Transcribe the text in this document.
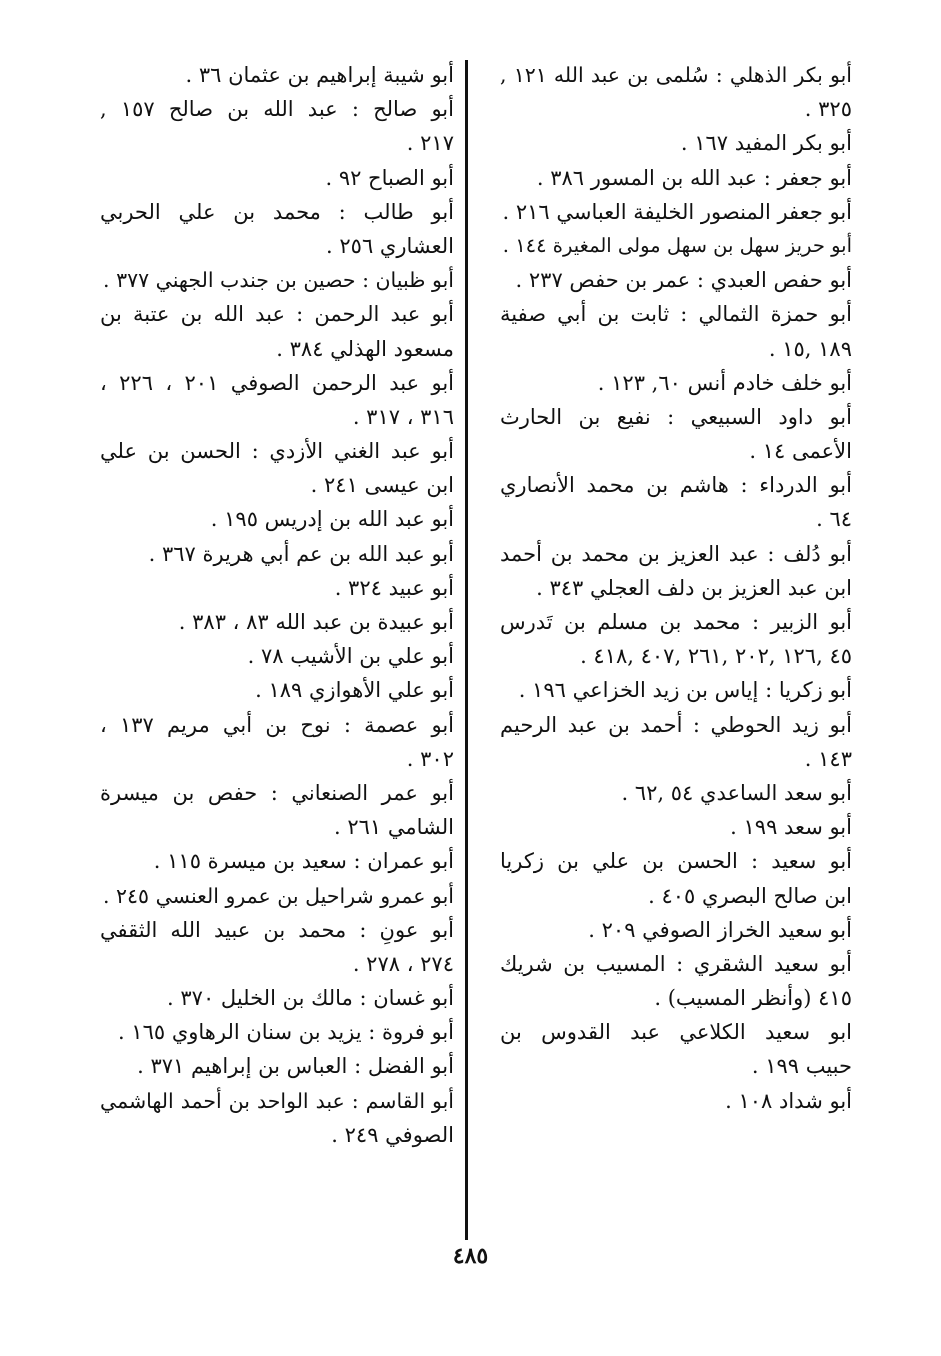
أبو بكر الذهلي : سُلمى بن عبد الله ١٢١ ,
٣٢٥ .
أبو بكر المفيد ١٦٧ .
أبو جعفر : عبد الله بن المسور ٣٨٦ .
أبو جعفر المنصور الخليفة العباسي ٢١٦ .
أبو حريز سهل بن سهل مولى المغيرة ١٤٤ .
أبو حفص العبدي : عمر بن حفص ٢٣٧ .
أبو حمزة الثمالي : ثابت بن أبي صفية
١٨٩ ,١٥ .
أبو خلف خادم أنس ٦٠, ١٢٣ .
أبو داود السبيعي : نفيع بن الحارث
الأعمى ١٤ .
أبو الدرداء : هاشم بن محمد الأنصاري
٦٤ .
أبو دُلف : عبد العزيز بن محمد بن أحمد
ابن عبد العزيز بن دلف العجلي ٣٤٣ .
أبو الزبير : محمد بن مسلم بن تَدرس
٤٥ ,١٢٦ ,٢٠٢ ,٢٦١ ,٤٠٧ ,٤١٨ .
أبو زكريا : إياس بن زيد الخزاعي ١٩٦ .
أبو زيد الحوطي : أحمد بن عبد الرحيم
١٤٣ .
أبو سعد الساعدي ٥٤ ,٦٢ .
أبو سعد ١٩٩ .
أبو سعيد : الحسن بن علي بن زكريا
ابن صالح البصري ٤٠٥ .
أبو سعيد الخراز الصوفي ٢٠٩ .
أبو سعيد الشقري : المسيب بن شريك
٤١٥ (وأنظر المسيب) .
ابو سعيد الكلاعي عبد القدوس بن
حبيب ١٩٩ .
أبو شداد ١٠٨ .
أبو شيبة إبراهيم بن عثمان ٣٦ .
أبو صالح : عبد الله بن صالح ١٥٧ ,
٢١٧ .
أبو الصباح ٩٢ .
أبو طالب : محمد بن علي الحربي
العشاري ٢٥٦ .
أبو ظبيان : حصين بن جندب الجهني ٣٧٧ .
أبو عبد الرحمن : عبد الله بن عتبة بن
مسعود الهذلي ٣٨٤ .
أبو عبد الرحمن الصوفي ٢٠١ ، ٢٢٦ ،
٣١٦ ، ٣١٧ .
أبو عبد الغني الأزدي : الحسن بن علي
ابن عيسى ٢٤١ .
أبو عبد الله بن إدريس ١٩٥ .
أبو عبد الله بن عم أبي هريرة ٣٦٧ .
أبو عبيد ٣٢٤ .
أبو عبيدة بن عبد الله ٨٣ ، ٣٨٣ .
أبو علي بن الأشيب ٧٨ .
أبو علي الأهوازي ١٨٩ .
أبو عصمة : نوح بن أبي مريم ١٣٧ ،
٣٠٢ .
أبو عمر الصنعاني : حفص بن ميسرة
الشامي ٢٦١ .
أبو عمران : سعيد بن ميسرة ١١٥ .
أبو عمرو شراحيل بن عمرو العنسي ٢٤٥ .
أبو عونِ : محمد بن عبيد الله الثقفي
٢٧٤ ، ٢٧٨ .
أبو غسان : مالك بن الخليل ٣٧٠ .
أبو فروة : يزيد بن سنان الرهاوي ١٦٥ .
أبو الفضل : العباس بن إبراهيم ٣٧١ .
أبو القاسم : عبد الواحد بن أحمد الهاشمي
الصوفي ٢٤٩ .
٤٨٥
